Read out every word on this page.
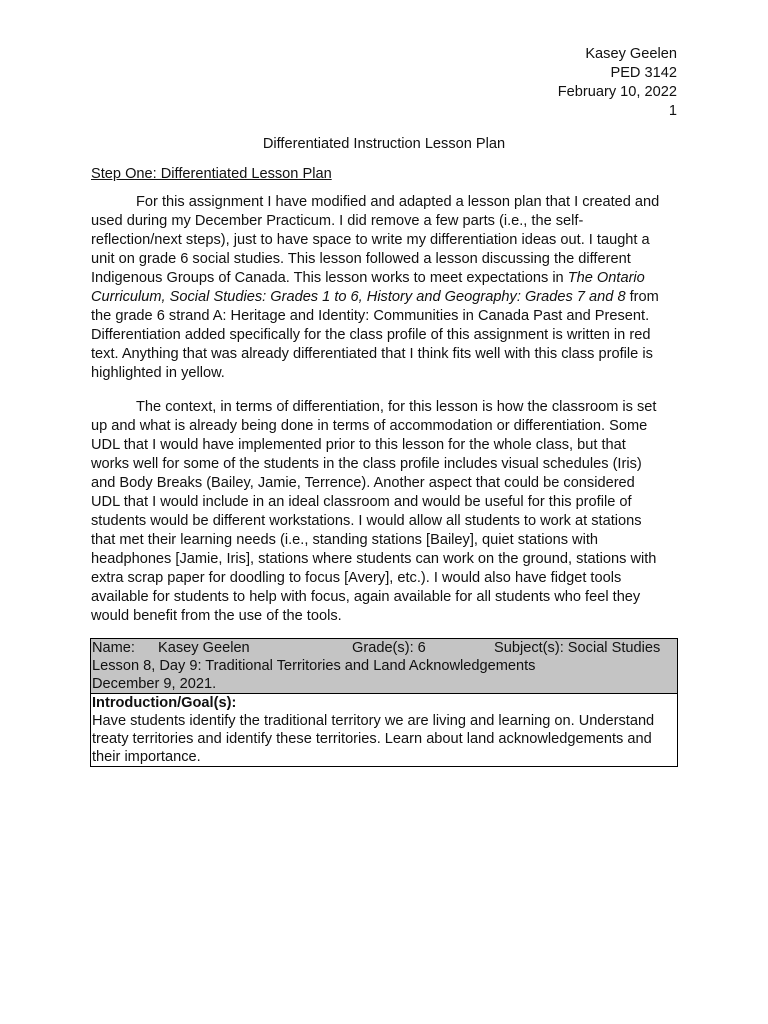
Kasey Geelen
PED 3142
February 10, 2022
1
Differentiated Instruction Lesson Plan
Step One: Differentiated Lesson Plan
For this assignment I have modified and adapted a lesson plan that I created and
used during my December Practicum. I did remove a few parts (i.e., the self-
reflection/next steps), just to have space to write my differentiation ideas out. I taught a
unit on grade 6 social studies. This lesson followed a lesson discussing the different
Indigenous Groups of Canada. This lesson works to meet expectations in The Ontario
Curriculum, Social Studies: Grades 1 to 6, History and Geography: Grades 7 and 8 from
the grade 6 strand A: Heritage and Identity: Communities in Canada Past and Present.
Differentiation added specifically for the class profile of this assignment is written in red
text. Anything that was already differentiated that I think fits well with this class profile is
highlighted in yellow.
The context, in terms of differentiation, for this lesson is how the classroom is set
up and what is already being done in terms of accommodation or differentiation. Some
UDL that I would have implemented prior to this lesson for the whole class, but that
works well for some of the students in the class profile includes visual schedules (Iris)
and Body Breaks (Bailey, Jamie, Terrence). Another aspect that could be considered
UDL that I would include in an ideal classroom and would be useful for this profile of
students would be different workstations. I would allow all students to work at stations
that met their learning needs (i.e., standing stations [Bailey], quiet stations with
headphones [Jamie, Iris], stations where students can work on the ground, stations with
extra scrap paper for doodling to focus [Avery], etc.). I would also have fidget tools
available for students to help with focus, again available for all students who feel they
would benefit from the use of the tools.
Name: Kasey Geelen	Grade(s): 6	Subject(s): Social Studies
Lesson 8, Day 9: Traditional Territories and Land Acknowledgements
December 9, 2021.

Introduction/Goal(s):
Have students identify the traditional territory we are living and learning on. Understand
treaty territories and identify these territories. Learn about land acknowledgements and
their importance.
